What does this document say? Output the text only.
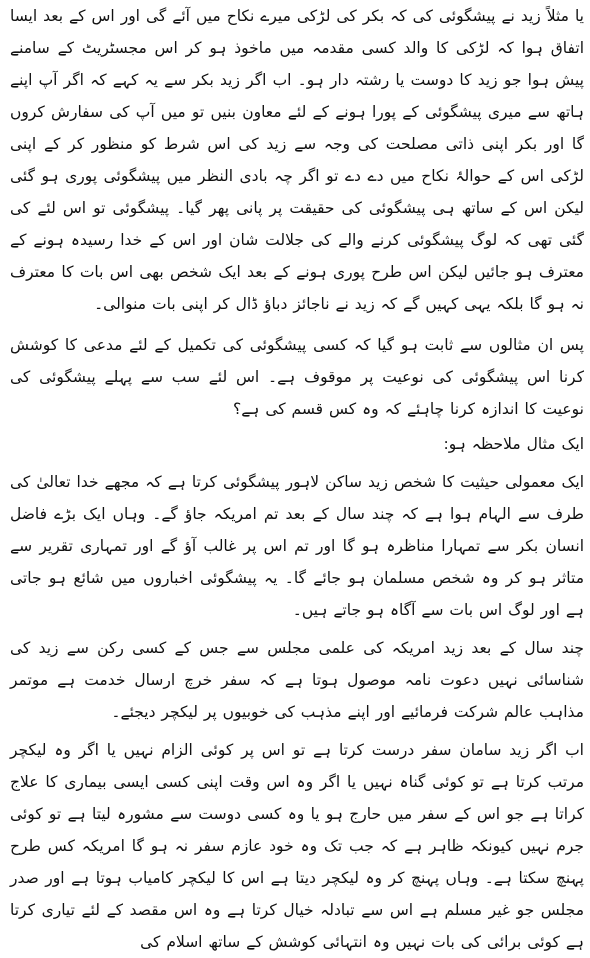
یا مثلاً زید نے پیشگوئی کی کہ بکر کی لڑکی میرے نکاح میں آئے گی اور اس کے بعد ایسا اتفاق ہوا کہ لڑکی کا والد کسی مقدمہ میں ماخوذ ہو کر اس مجسٹریٹ کے سامنے پیش ہوا جو زید کا دوست یا رشتہ دار ہو۔ اب اگر زید بکر سے یہ کہے کہ اگر آپ اپنے ہاتھ سے میری پیشگوئی کے پورا ہونے کے لئے معاون بنیں تو میں آپ کی سفارش کروں گا اور بکر اپنی ذاتی مصلحت کی وجہ سے زید کی اس شرط کو منظور کر کے اپنی لڑکی اس کے حوالۂ نکاح میں دے دے تو اگر چہ بادی النظر میں پیشگوئی پوری ہو گئی لیکن اس کے ساتھ ہی پیشگوئی کی حقیقت پر پانی پھر گیا۔ پیشگوئی تو اس لئے کی گئی تھی کہ لوگ پیشگوئی کرنے والے کی جلالت شان اور اس کے خدا رسیدہ ہونے کے معترف ہو جائیں لیکن اس طرح پوری ہونے کے بعد ایک شخص بھی اس بات کا معترف نہ ہو گا بلکہ یہی کہیں گے کہ زید نے ناجائز دباؤ ڈال کر اپنی بات منوالی۔

پس ان مثالوں سے ثابت ہو گیا کہ کسی پیشگوئی کی تکمیل کے لئے مدعی کا کوشش کرنا اس پیشگوئی کی نوعیت پر موقوف ہے۔ اس لئے سب سے پہلے پیشگوئی کی نوعیت کا اندازہ کرنا چاہئے کہ وہ کس قسم کی ہے؟

ایک مثال ملاحظہ ہو:

ایک معمولی حیثیت کا شخص زید ساکن لاہور پیشگوئی کرتا ہے کہ مجھے خدا تعالیٰ کی طرف سے الہام ہوا ہے کہ چند سال کے بعد تم امریکہ جاؤ گے۔ وہاں ایک بڑے فاضل انسان بکر سے تمہارا مناظرہ ہو گا اور تم اس پر غالب آؤ گے اور تمہاری تقریر سے متاثر ہو کر وہ شخص مسلمان ہو جائے گا۔ یہ پیشگوئی اخباروں میں شائع ہو جاتی ہے اور لوگ اس بات سے آگاہ ہو جاتے ہیں۔

چند سال کے بعد زید امریکہ کی علمی مجلس سے جس کے کسی رکن سے زید کی شناسائی نہیں دعوت نامہ موصول ہوتا ہے کہ سفر خرچ ارسال خدمت ہے موتمر مذاہب عالم شرکت فرمائیے اور اپنے مذہب کی خوبیوں پر لیکچر دیجئے۔

اب اگر زید سامان سفر درست کرتا ہے تو اس پر کوئی الزام نہیں یا اگر وہ لیکچر مرتب کرتا ہے تو کوئی گناہ نہیں یا اگر وہ اس وقت اپنی کسی ایسی بیماری کا علاج کراتا ہے جو اس کے سفر میں حارج ہو یا وہ کسی دوست سے مشورہ لیتا ہے تو کوئی جرم نہیں کیونکہ ظاہر ہے کہ جب تک وہ خود عازم سفر نہ ہو گا امریکہ کس طرح پہنچ سکتا ہے۔ وہاں پہنچ کر وہ لیکچر دیتا ہے اس کا لیکچر کامیاب ہوتا ہے اور صدر مجلس جو غیر مسلم ہے اس سے تبادلہ خیال کرتا ہے وہ اس مقصد کے لئے تیاری کرتا ہے کوئی برائی کی بات نہیں وہ انتہائی کوشش کے ساتھ اسلام کی
